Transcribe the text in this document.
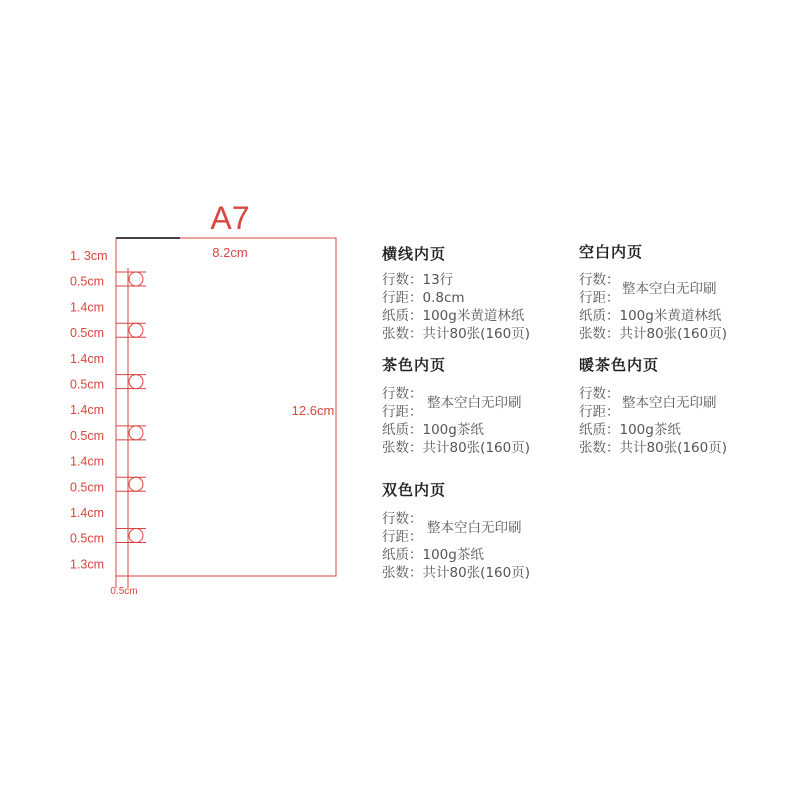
A7
8.2cm
12.6cm
0.5cm
1. 3cm
0.5cm
1.4cm
0.5cm
1.4cm
0.5cm
1.4cm
0.5cm
1.4cm
0.5cm
1.4cm
0.5cm
1.3cm
横线内页
行数：13行
行距：0.8cm
纸质：100g米黄道林纸
张数：共计80张(160页)
空白内页
行数：
行距：
整本空白无印刷
纸质：100g米黄道林纸
张数：共计80张(160页)
茶色内页
行数：
行距：
整本空白无印刷
纸质：100g茶纸
张数：共计80张(160页)
暖茶色内页
行数：
行距：
整本空白无印刷
纸质：100g茶纸
张数：共计80张(160页)
双色内页
行数：
行距：
整本空白无印刷
纸质：100g茶纸
张数：共计80张(160页)
